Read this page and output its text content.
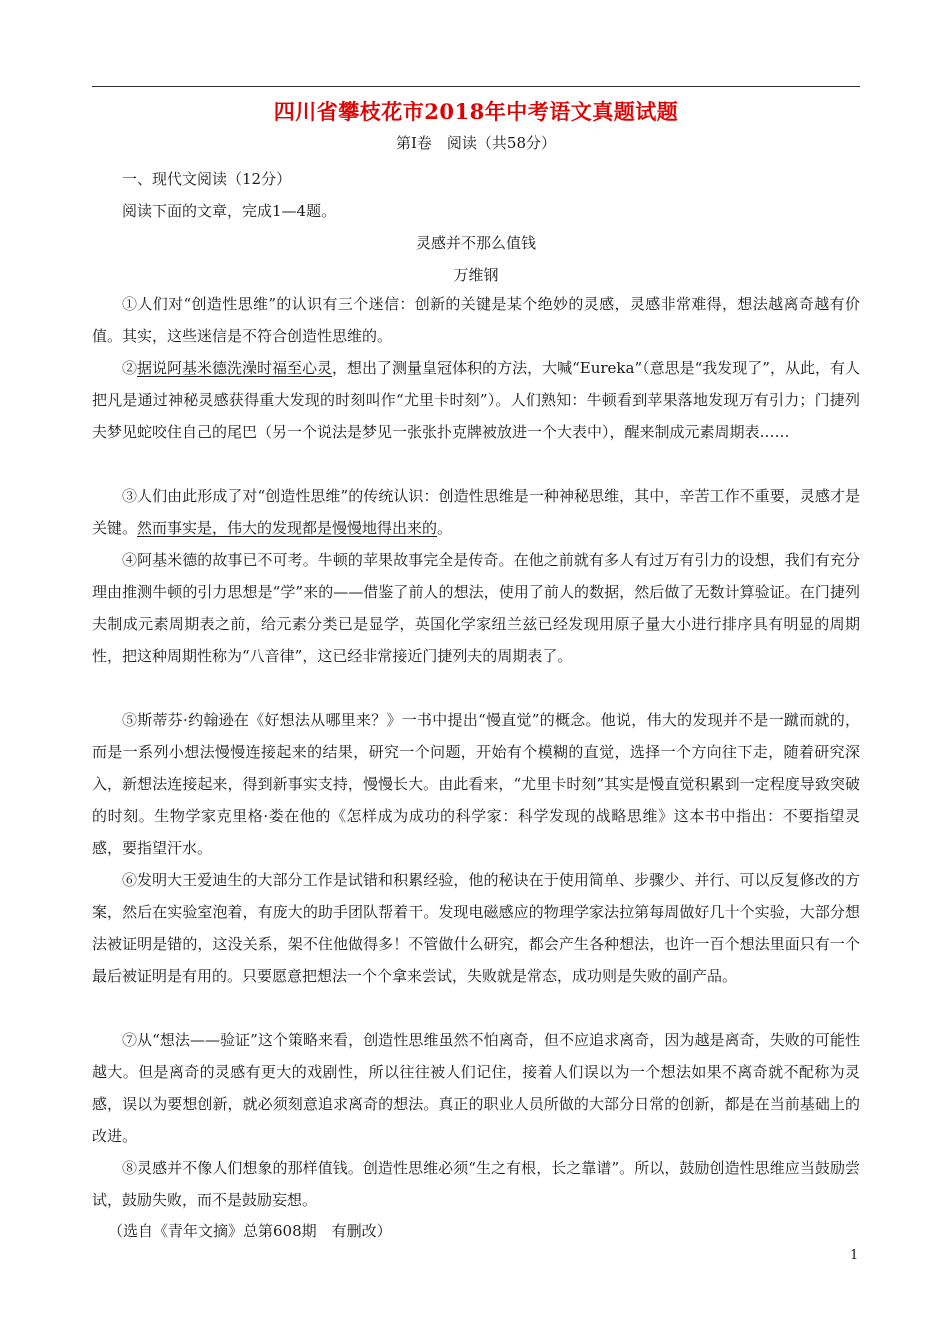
四川省攀枝花市2018年中考语文真题试题
第Ⅰ卷　阅读（共58分）
一、现代文阅读（12分）
阅读下面的文章，完成1—4题。
灵感并不那么值钱
万维钢
①人们对“创造性思维”的认识有三个迷信：创新的关键是某个绝妙的灵感，灵感非常难得，想法越离奇越有价值。其实，这些迷信是不符合创造性思维的。
②据说阿基米德洗澡时福至心灵，想出了测量皇冠体积的方法，大喊“Eureka”（意思是“我发现了”，从此，有人把凡是通过神秘灵感获得重大发现的时刻叫作“尤里卡时刻”）。人们熟知：牛顿看到苹果落地发现万有引力；门捷列夫梦见蛇咬住自己的尾巴（另一个说法是梦见一张张扑克牌被放进一个大表中），醒来制成元素周期表……
③人们由此形成了对“创造性思维”的传统认识：创造性思维是一种神秘思维，其中，辛苦工作不重要，灵感才是关键。然而事实是，伟大的发现都是慢慢地得出来的。
④阿基米德的故事已不可考。牛顿的苹果故事完全是传奇。在他之前就有多人有过万有引力的设想，我们有充分理由推测牛顿的引力思想是“学”来的——借鉴了前人的想法，使用了前人的数据，然后做了无数计算验证。在门捷列夫制成元素周期表之前，给元素分类已是显学，英国化学家纽兰兹已经发现用原子量大小进行排序具有明显的周期性，把这种周期性称为“八音律”，这已经非常接近门捷列夫的周期表了。
⑤斯蒂芬·约翰逊在《好想法从哪里来？》一书中提出“慢直觉”的概念。他说，伟大的发现并不是一蹴而就的，而是一系列小想法慢慢连接起来的结果，研究一个问题，开始有个模糊的直觉，选择一个方向往下走，随着研究深入，新想法连接起来，得到新事实支持，慢慢长大。由此看来，“尤里卡时刻”其实是慢直觉积累到一定程度导致突破的时刻。生物学家克里格·娄在他的《怎样成为成功的科学家：科学发现的战略思维》这本书中指出：不要指望灵感，要指望汗水。
⑥发明大王爱迪生的大部分工作是试错和积累经验，他的秘诀在于使用简单、步骤少、并行、可以反复修改的方案，然后在实验室泡着，有庞大的助手团队帮着干。发现电磁感应的物理学家法拉第每周做好几十个实验，大部分想法被证明是错的，这没关系，架不住他做得多！不管做什么研究，都会产生各种想法，也许一百个想法里面只有一个最后被证明是有用的。只要愿意把想法一个个拿来尝试，失败就是常态，成功则是失败的副产品。
⑦从“想法——验证”这个策略来看，创造性思维虽然不怕离奇，但不应追求离奇，因为越是离奇，失败的可能性越大。但是离奇的灵感有更大的戏剧性，所以往往被人们记住，接着人们误以为一个想法如果不离奇就不配称为灵感，误以为要想创新，就必须刻意追求离奇的想法。真正的职业人员所做的大部分日常的创新，都是在当前基础上的改进。
⑧灵感并不像人们想象的那样值钱。创造性思维必须“生之有根，长之靠谱”。所以，鼓励创造性思维应当鼓励尝试，鼓励失败，而不是鼓励妄想。
（选自《青年文摘》总第608期　有删改）
1
